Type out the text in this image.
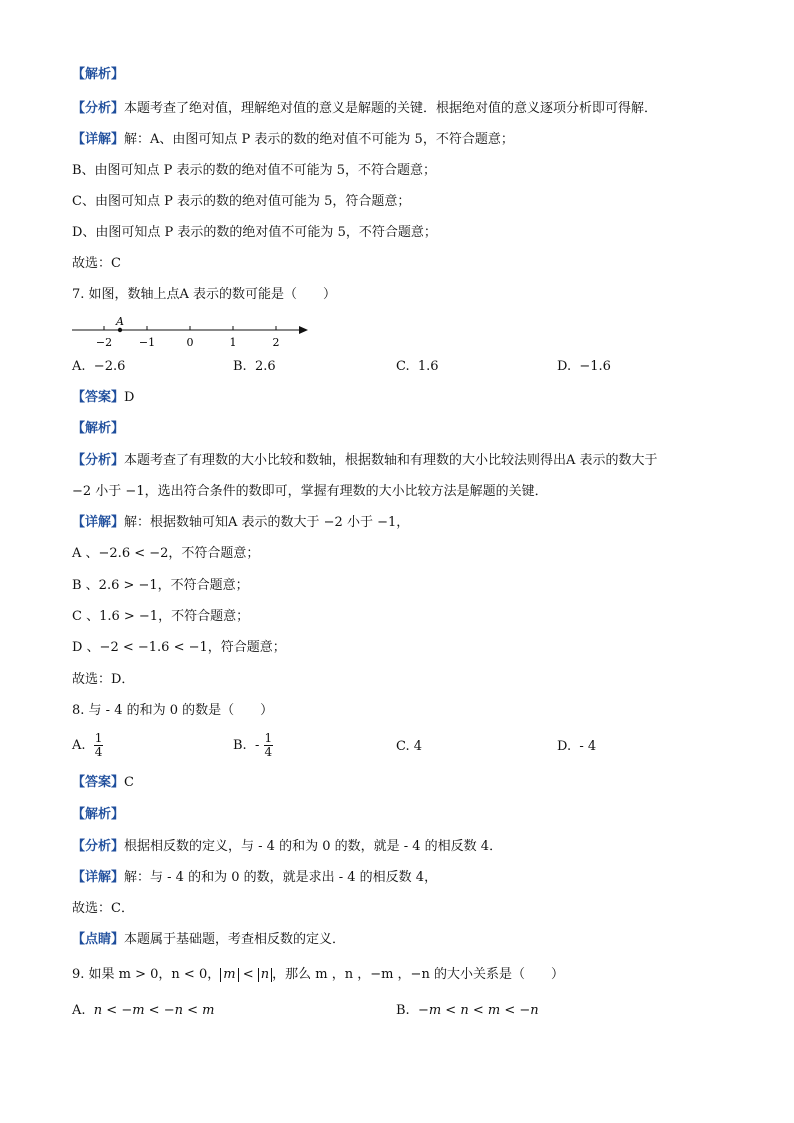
【解析】
【分析】本题考查了绝对值，理解绝对值的意义是解题的关键．根据绝对值的意义逐项分析即可得解．
【详解】解：A、由图可知点 P 表示的数的绝对值不可能为 5，不符合题意；
B、由图可知点 P 表示的数的绝对值不可能为 5，不符合题意；
C、由图可知点 P 表示的数的绝对值可能为 5，符合题意；
D、由图可知点 P 表示的数的绝对值不可能为 5，不符合题意；
故选：C
7. 如图，数轴上点A 表示的数可能是（　　）
−2 −1	0	1	2
A
A. −2.6	B. 2.6	C. 1.6	D. −1.6
【答案】D
【解析】
【分析】本题考查了有理数的大小比较和数轴，根据数轴和有理数的大小比较法则得出A 表示的数大于
−2 小于 −1，选出符合条件的数即可，掌握有理数的大小比较方法是解题的关键．
【详解】解：根据数轴可知A 表示的数大于 −2 小于 −1，
A 、−2.6 < −2，不符合题意；
B 、2.6 > −1，不符合题意；
C 、1.6 > −1，不符合题意；
D 、−2 < −1.6 < −1，符合题意；
故选：D．
8. 与 - 4 的和为 0 的数是（　　）
A. $\frac{1}{4}$	B. - $\frac{1}{4}$	C. 4	D. - 4
【答案】C
【解析】
【分析】根据相反数的定义，与 - 4 的和为 0 的数，就是 - 4 的相反数 4．
【详解】解：与 - 4 的和为 0 的数，就是求出 - 4 的相反数 4，
故选：C．
【点睛】本题属于基础题，考查相反数的定义．
9. 如果 m > 0，n < 0， m < n ，那么 m ，n ，−m ，−n 的大小关系是（　　）
A. n < −m < −n < m	B. −m < n < m < −n
